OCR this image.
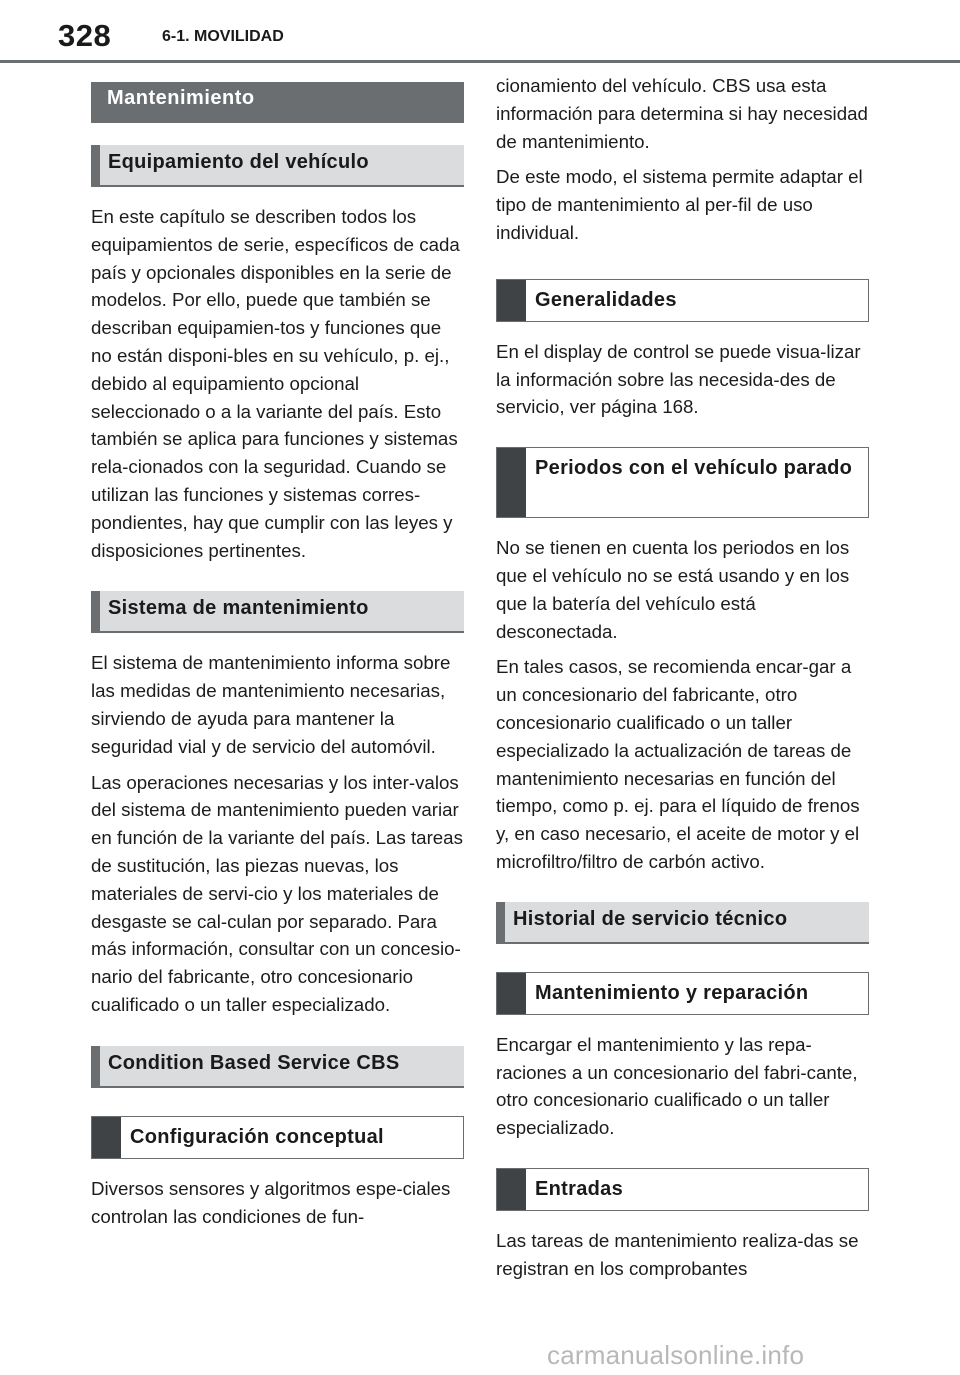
328	6-1. MOVILIDAD
Mantenimiento
Equipamiento del vehículo

En este capítulo se describen todos los equipamientos de serie, específicos de cada país y opcionales disponibles en la serie de modelos. Por ello, puede que también se describan equipamien-tos y funciones que no están disponi-bles en su vehículo, p. ej., debido al equipamiento opcional seleccionado o a la variante del país. Esto también se aplica para funciones y sistemas rela-cionados con la seguridad. Cuando se utilizan las funciones y sistemas corres-pondientes, hay que cumplir con las leyes y disposiciones pertinentes.

Sistema de mantenimiento

El sistema de mantenimiento informa sobre las medidas de mantenimiento necesarias, sirviendo de ayuda para mantener la seguridad vial y de servicio del automóvil.

Las operaciones necesarias y los inter-valos del sistema de mantenimiento pueden variar en función de la variante del país. Las tareas de sustitución, las piezas nuevas, los materiales de servi-cio y los materiales de desgaste se cal-culan por separado. Para más información, consultar con un concesio-nario del fabricante, otro concesionario cualificado o un taller especializado.

Condition Based Service CBS
Configuración conceptual

Diversos sensores y algoritmos espe-ciales controlan las condiciones de fun-

cionamiento del vehículo. CBS usa esta información para determina si hay necesidad de mantenimiento.

De este modo, el sistema permite adaptar el tipo de mantenimiento al per-fil de uso individual.

Generalidades

En el display de control se puede visua-lizar la información sobre las necesida-des de servicio, ver página 168.

Periodos con el vehículo parado

No se tienen en cuenta los periodos en los que el vehículo no se está usando y en los que la batería del vehículo está desconectada.

En tales casos, se recomienda encar-gar a un concesionario del fabricante, otro concesionario cualificado o un taller especializado la actualización de tareas de mantenimiento necesarias en función del tiempo, como p. ej. para el líquido de frenos y, en caso necesario, el aceite de motor y el microfiltro/filtro de carbón activo.

Historial de servicio técnico
Mantenimiento y reparación

Encargar el mantenimiento y las repa-raciones a un concesionario del fabri-cante, otro concesionario cualificado o un taller especializado.

Entradas

Las tareas de mantenimiento realiza-das se registran en los comprobantes

carmanualsonline.info
